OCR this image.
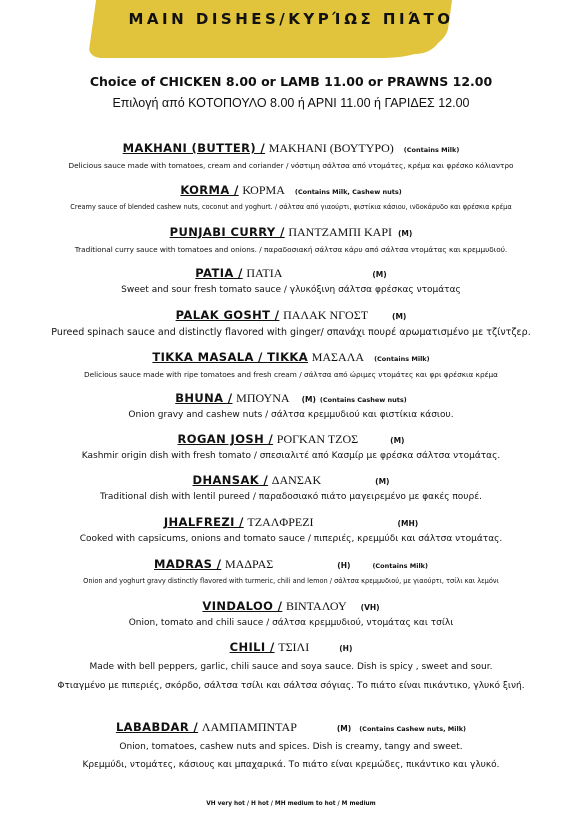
MAIN DISHES/ΚΥΡΊΩΣ ΠΙΆΤΟ
Choice of CHICKEN 8.00 or LAMB 11.00 or PRAWNS 12.00
Επιλογή από ΚΟΤΟΠΟΥΛΟ 8.00 ή ΑΡΝΙ 11.00 ή ΓΑΡΙΔΕΣ 12.00
MAKHANI (BUTTER) / ΜΑΚΗΑΝΙ (ΒΟΥΤΥΡΟ) (Contains Milk)
Delicious sauce made with tomatoes, cream and coriander / νόστιμη σάλτσα από ντομάτες, κρέμα και φρέσκο κόλιαντρο
KORMA / ΚΟΡΜΑ (Contains Milk, Cashew nuts)
Creamy sauce of blended cashew nuts, coconut and yoghurt. / σάλτσα από γιαούρτι, φιστίκια κάσιου, ινδοκάρυδο και φρέσκια κρέμα
PUNJABI CURRY / ΠΑΝΤΖΑΜΠΙ ΚΑΡΙ (M)
Traditional curry sauce with tomatoes and onions. / παραδοσιακή σάλτσα κάρυ από σάλτσα ντομάτας και κρεμμυδιού.
PATIA / ΠΑΤΙΑ	(M)
Sweet and sour fresh tomato sauce / γλυκόξινη σάλτσα φρέσκας ντομάτας
PALAK GOSHT / ΠΑΛΑΚ ΝΓΟΣΤ	(M)
Pureed spinach sauce and distinctly flavored with ginger/ σπανάχι πουρέ αρωματισμένο με τζίντζερ.
TIKKA MASALA / TIKKA ΜΑΣΑΛΑ (Contains Milk)
Delicious sauce made with ripe tomatoes and fresh cream / σάλτσα από ώριμες ντομάτες και φρι φρέσκια κρέμα
BHUNA / ΜΠΟΥΝΑ (M) (Contains Cashew nuts)
Onion gravy and cashew nuts / σάλτσα κρεμμυδιού και φιστίκια κάσιου.
ROGAN JOSH / ΡΟΓΚΑΝ ΤΖΟΣ	(M)
Kashmir origin dish with fresh tomato / σπεσιαλιτέ από Κασμίρ με φρέσκα σάλτσα ντομάτας.
DHANSAK / ΔΑΝΣΑΚ	(M)
Traditional dish with lentil pureed / παραδοσιακό πιάτο μαγειρεμένο με φακές πουρέ.
JHALFREZI / ΤΖΑΛΦΡΕΖΙ	(MH)
Cooked with capsicums, onions and tomato sauce / πιπεριές, κρεμμύδι και σάλτσα ντομάτας.
MADRAS / ΜΑΔΡΑΣ	(H)	(Contains Milk)
Onion and yoghurt gravy distinctly flavored with turmeric, chili and lemon / σάλτσα κρεμμυδιού, με γιαούρτι, τσίλι και λεμόνι
VINDALOO / ΒΙΝΤΑΛΟΥ (VH)
Onion, tomato and chili sauce / σάλτσα κρεμμυδιού, ντομάτας και τσίλι
CHILI / ΤΣΙΛΙ	(H)
Made with bell peppers, garlic, chili sauce and soya sauce. Dish is spicy , sweet and sour.
Φτιαγμένο με πιπεριές, σκόρδο, σάλτσα τσίλι και σάλτσα σόγιας. Το πιάτο είναι πικάντικο, γλυκό ξινή.
LABABDAR / ΛΑΜΠΑΜΠΝΤΑΡ	(M) (Contains Cashew nuts, Milk)
Onion, tomatoes, cashew nuts and spices. Dish is creamy, tangy and sweet.
Κρεμμύδι, ντομάτες, κάσιους και μπαχαρικά. Το πιάτο είναι κρεμώδες, πικάντικο και γλυκό.
VH very hot / H hot / MH medium to hot / M medium
